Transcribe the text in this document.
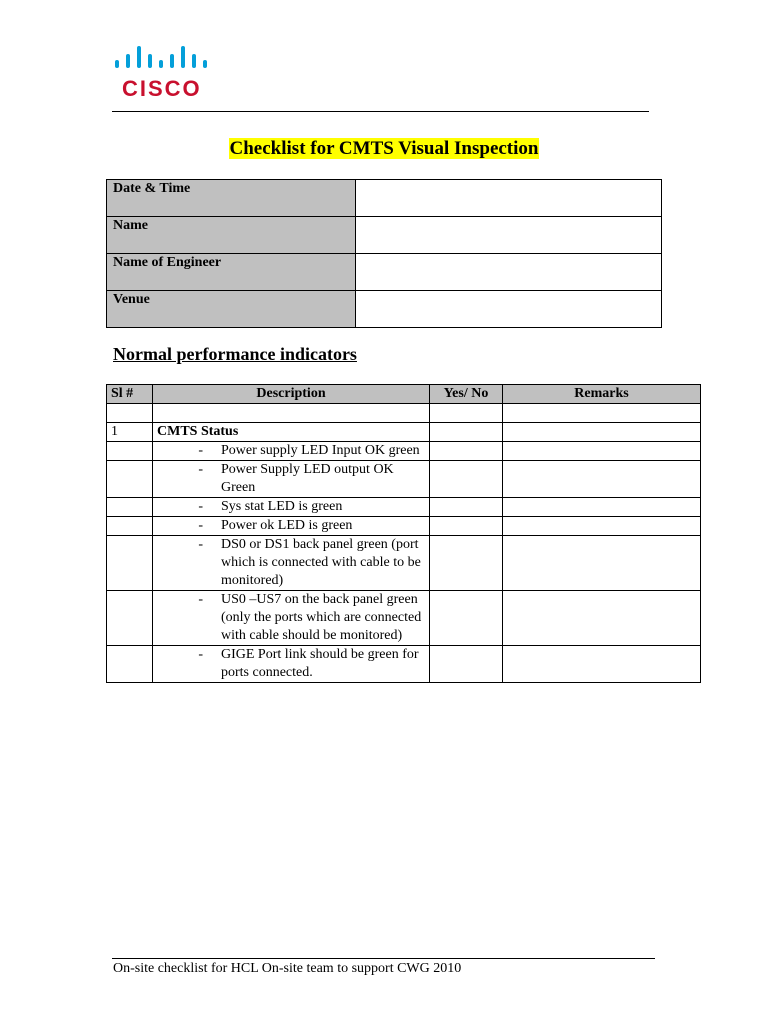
CISCO
Checklist for CMTS Visual Inspection
Date & Time	
Name	
Name of Engineer	
Venue	
Normal performance indicators
Sl #	Description	Yes/ No	Remarks

1	CMTS Status		

	- Power supply LED Input OK green		

	- Power Supply LED output OK Green		

	- Sys stat LED is green		

	- Power ok LED is green		

	- DS0 or DS1 back panel green (port which is connected with cable to be monitored)		

	- US0 –US7 on the back panel green (only the ports which are connected with cable should be monitored)		

	- GIGE Port link should be green for ports connected.		

On-site checklist for HCL On-site team to support CWG 2010
